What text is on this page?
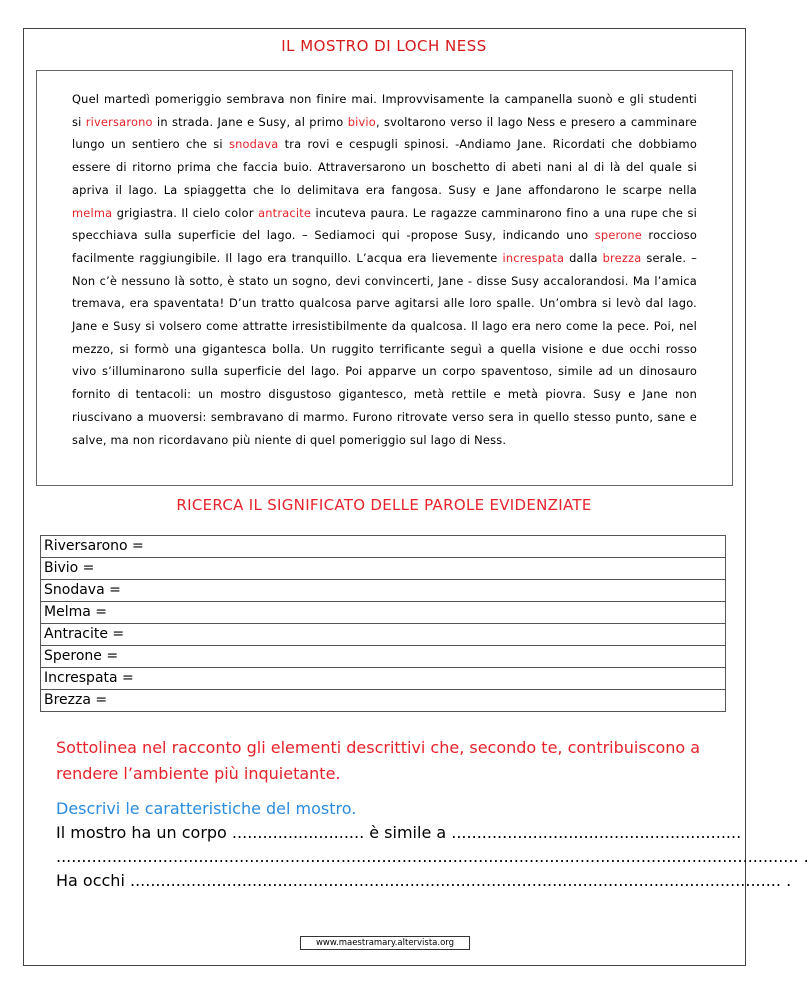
IL MOSTRO DI LOCH NESS

Quel martedì pomeriggio sembrava non finire mai. Improvvisamente la campanella suonò e gli studenti si riversarono in strada. Jane e Susy, al primo bivio, svoltarono verso il lago Ness e presero a camminare lungo un sentiero che si snodava tra rovi e cespugli spinosi. -Andiamo Jane. Ricordati che dobbiamo essere di ritorno prima che faccia buio. Attraversarono un boschetto di abeti nani al di là del quale si apriva il lago. La spiaggetta che lo delimitava era fangosa. Susy e Jane affondarono le scarpe nella melma grigiastra. Il cielo color antracite incuteva paura. Le ragazze camminarono fino a una rupe che si specchiava sulla superficie del lago. – Sediamoci qui -propose Susy, indicando uno sperone roccioso facilmente raggiungibile. Il lago era tranquillo. L’acqua era lievemente increspata dalla brezza serale. –Non c’è nessuno là sotto, è stato un sogno, devi convincerti, Jane - disse Susy accalorandosi. Ma l’amica tremava, era spaventata! D’un tratto qualcosa parve agitarsi alle loro spalle. Un’ombra si levò dal lago. Jane e Susy si volsero come attratte irresistibilmente da qualcosa. Il lago era nero come la pece. Poi, nel mezzo, si formò una gigantesca bolla. Un ruggito terrificante seguì a quella visione e due occhi rosso vivo s’illuminarono sulla superficie del lago. Poi apparve un corpo spaventoso, simile ad un dinosauro fornito di tentacoli: un mostro disgustoso gigantesco, metà rettile e metà piovra. Susy e Jane non riuscivano a muoversi: sembravano di marmo. Furono ritrovate verso sera in quello stesso punto, sane e salve, ma non ricordavano più niente di quel pomeriggio sul lago di Ness.

RICERCA IL SIGNIFICATO DELLE PAROLE EVIDENZIATE
Riversarono =
Bivio =
Snodava =
Melma =
Antracite =
Sperone =
Increspata =
Brezza =

Sottolinea nel racconto gli elementi descrittivi che, secondo te, contribuiscono a rendere l’ambiente più inquietante.

Descrivi le caratteristiche del mostro.

Il mostro ha un corpo .......................... è simile a .........................................................

.................................................................................................................................................. .

Ha occhi ................................................................................................................................ .

www.maestramary.altervista.org
